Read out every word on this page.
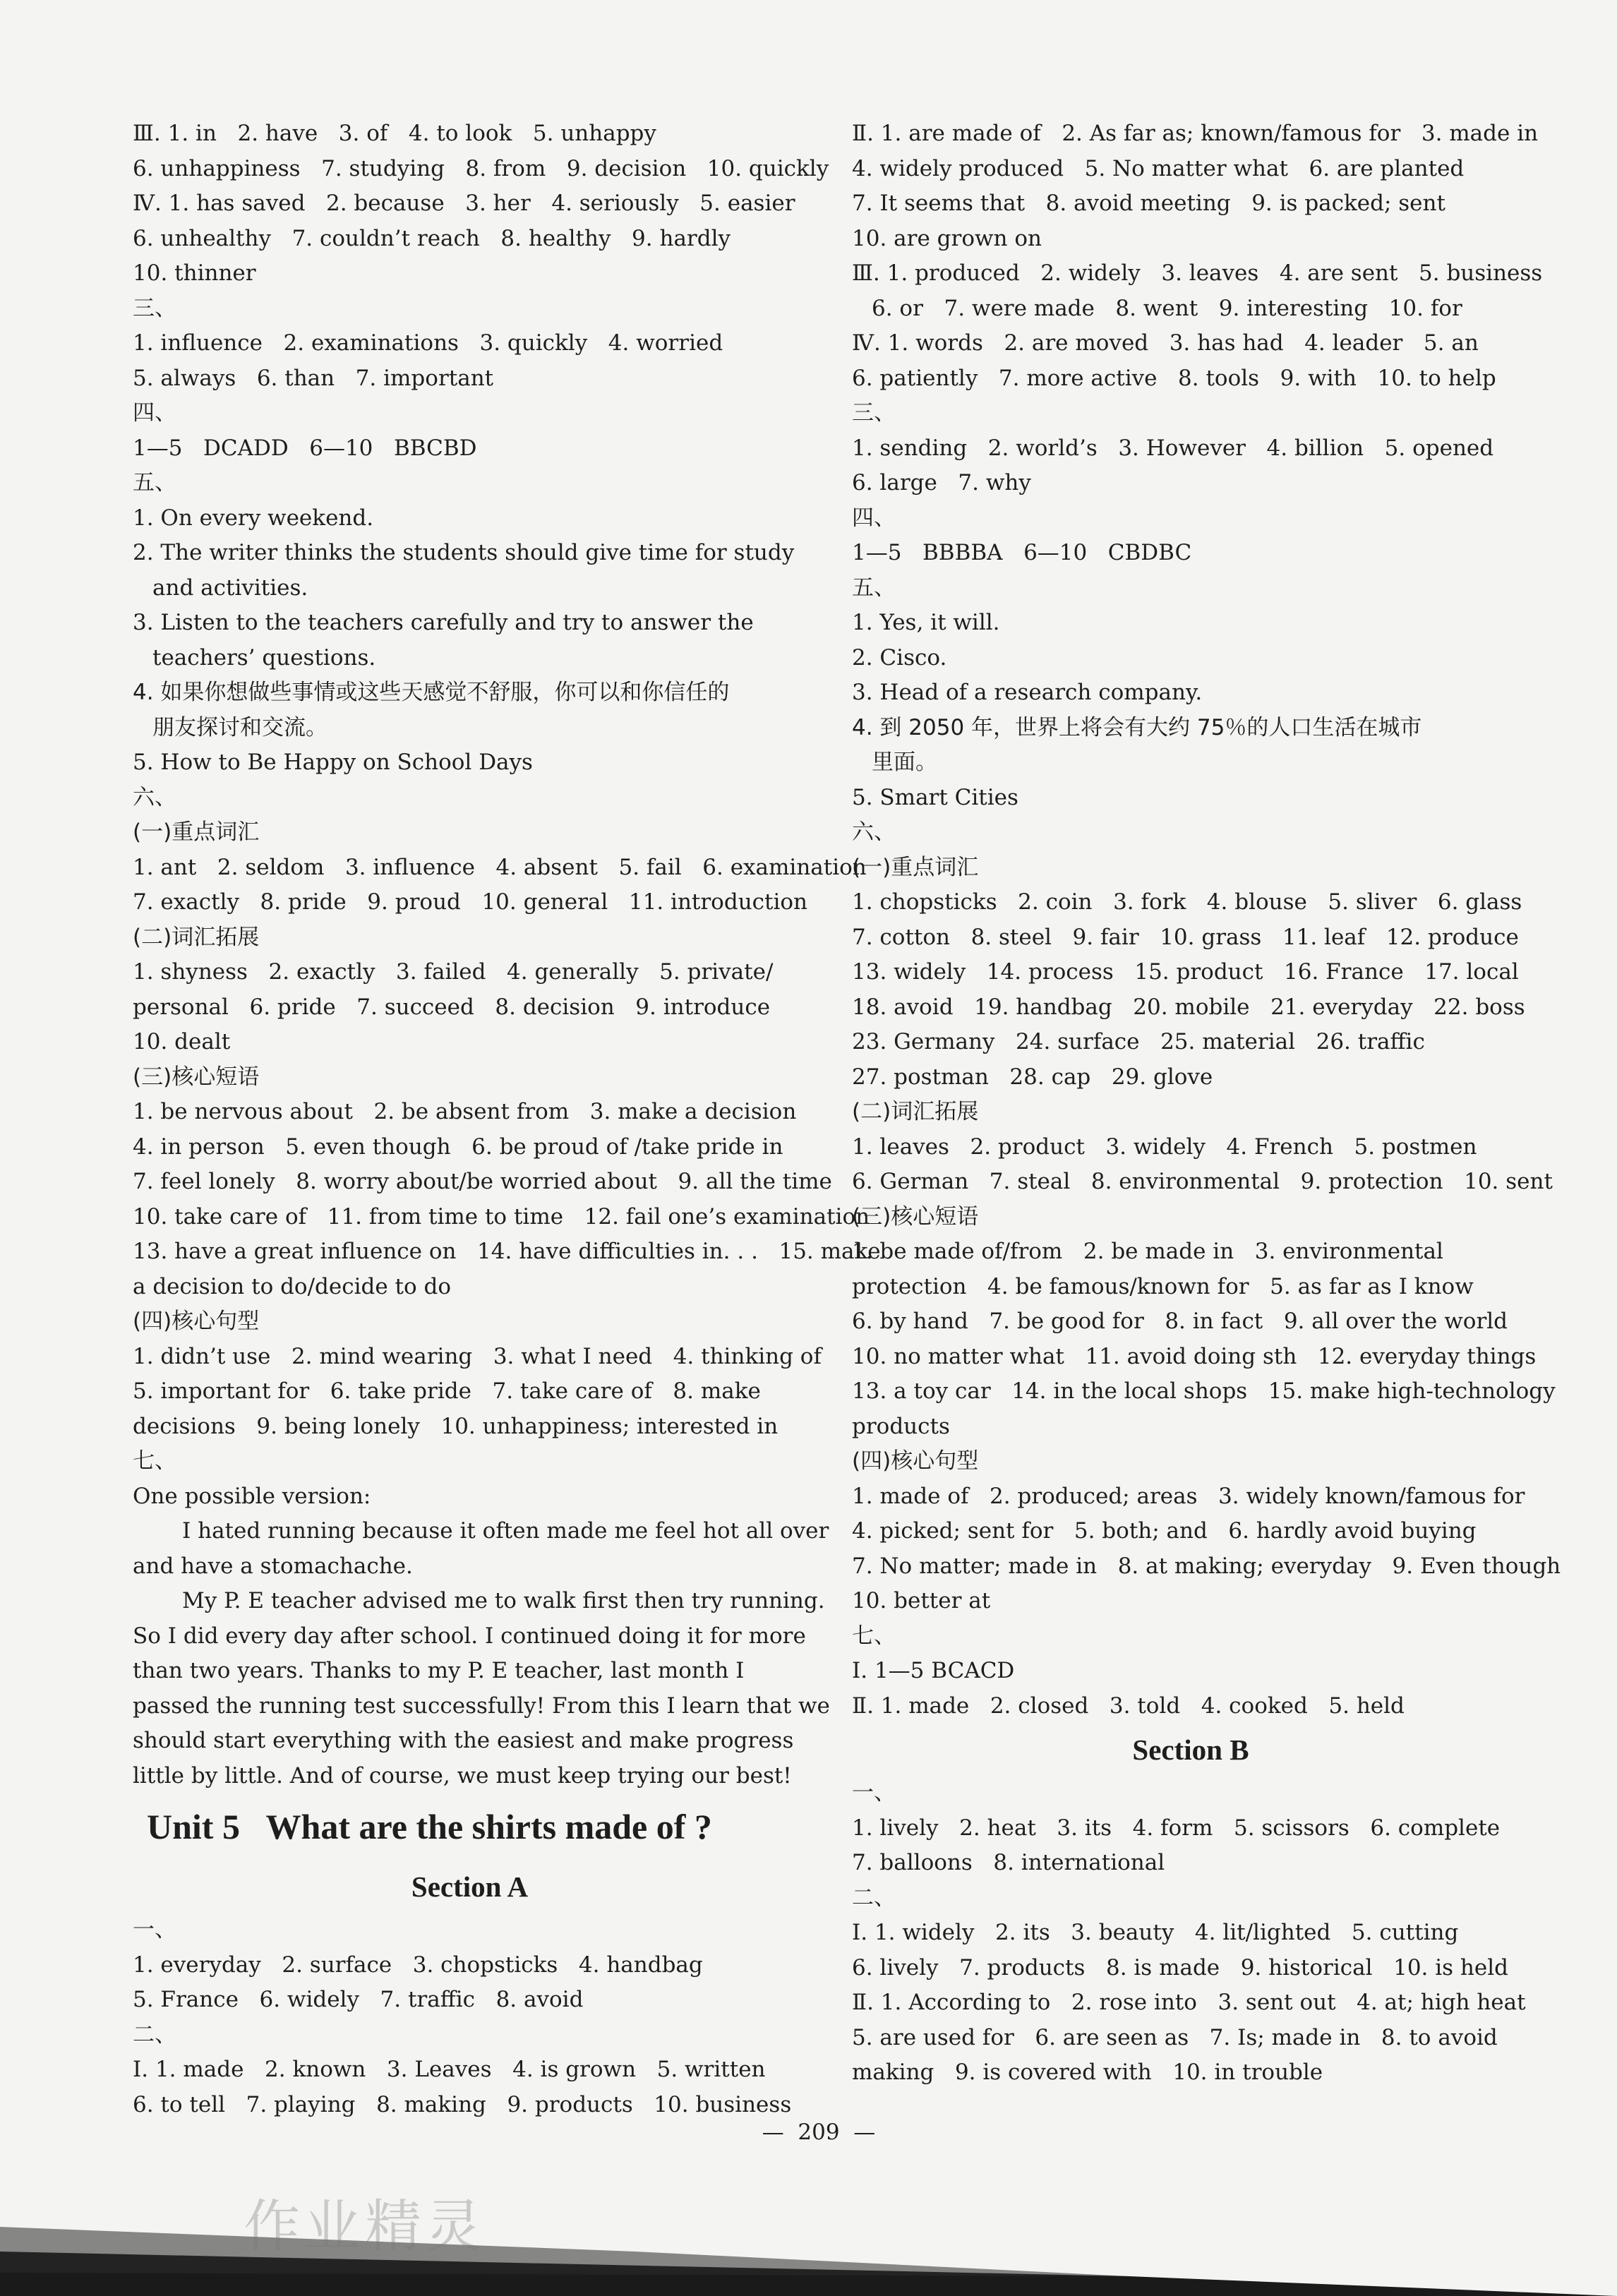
Ⅲ. 1. in   2. have   3. of   4. to look   5. unhappy
6. unhappiness   7. studying   8. from   9. decision   10. quickly
Ⅳ. 1. has saved   2. because   3. her   4. seriously   5. easier
6. unhealthy   7. couldn’t reach   8. healthy   9. hardly
10. thinner
三、
1. influence   2. examinations   3. quickly   4. worried
5. always   6. than   7. important
四、
1—5   DCADD   6—10   BBCBD
五、
1. On every weekend.
2. The writer thinks the students should give time for study
and activities.
3. Listen to the teachers carefully and try to answer the
teachers’ questions.
4. 如果你想做些事情或这些天感觉不舒服，你可以和你信任的
朋友探讨和交流。
5. How to Be Happy on School Days
六、
(一)重点词汇
1. ant   2. seldom   3. influence   4. absent   5. fail   6. examination
7. exactly   8. pride   9. proud   10. general   11. introduction
(二)词汇拓展
1. shyness   2. exactly   3. failed   4. generally   5. private/
personal   6. pride   7. succeed   8. decision   9. introduce
10. dealt
(三)核心短语
1. be nervous about   2. be absent from   3. make a decision
4. in person   5. even though   6. be proud of /take pride in
7. feel lonely   8. worry about/be worried about   9. all the time
10. take care of   11. from time to time   12. fail one’s examination
13. have a great influence on   14. have difficulties in. . .   15. make
a decision to do/decide to do
(四)核心句型
1. didn’t use   2. mind wearing   3. what I need   4. thinking of
5. important for   6. take pride   7. take care of   8. make
decisions   9. being lonely   10. unhappiness; interested in
七、
One possible version:
I hated running because it often made me feel hot all over
and have a stomachache.
My P. E teacher advised me to walk first then try running.
So I did every day after school. I continued doing it for more
than two years. Thanks to my P. E teacher, last month I
passed the running test successfully! From this I learn that we
should start everything with the easiest and make progress
little by little. And of course, we must keep trying our best!
Unit 5   What are the shirts made of ?
Section A
一、
1. everyday   2. surface   3. chopsticks   4. handbag
5. France   6. widely   7. traffic   8. avoid
二、
Ⅰ. 1. made   2. known   3. Leaves   4. is grown   5. written
6. to tell   7. playing   8. making   9. products   10. business
Ⅱ. 1. are made of   2. As far as; known/famous for   3. made in
4. widely produced   5. No matter what   6. are planted
7. It seems that   8. avoid meeting   9. is packed; sent
10. are grown on
Ⅲ. 1. produced   2. widely   3. leaves   4. are sent   5. business
6. or   7. were made   8. went   9. interesting   10. for
Ⅳ. 1. words   2. are moved   3. has had   4. leader   5. an
6. patiently   7. more active   8. tools   9. with   10. to help
三、
1. sending   2. world’s   3. However   4. billion   5. opened
6. large   7. why
四、
1—5   BBBBA   6—10   CBDBC
五、
1. Yes, it will.
2. Cisco.
3. Head of a research company.
4. 到 2050 年，世界上将会有大约 75％的人口生活在城市
里面。
5. Smart Cities
六、
(一)重点词汇
1. chopsticks   2. coin   3. fork   4. blouse   5. sliver   6. glass
7. cotton   8. steel   9. fair   10. grass   11. leaf   12. produce
13. widely   14. process   15. product   16. France   17. local
18. avoid   19. handbag   20. mobile   21. everyday   22. boss
23. Germany   24. surface   25. material   26. traffic
27. postman   28. cap   29. glove
(二)词汇拓展
1. leaves   2. product   3. widely   4. French   5. postmen
6. German   7. steal   8. environmental   9. protection   10. sent
(三)核心短语
1. be made of/from   2. be made in   3. environmental
protection   4. be famous/known for   5. as far as I know
6. by hand   7. be good for   8. in fact   9. all over the world
10. no matter what   11. avoid doing sth   12. everyday things
13. a toy car   14. in the local shops   15. make high-technology
products
(四)核心句型
1. made of   2. produced; areas   3. widely known/famous for
4. picked; sent for   5. both; and   6. hardly avoid buying
7. No matter; made in   8. at making; everyday   9. Even though
10. better at
七、
Ⅰ. 1—5 BCACD
Ⅱ. 1. made   2. closed   3. told   4. cooked   5. held
Section B
一、
1. lively   2. heat   3. its   4. form   5. scissors   6. complete
7. balloons   8. international
二、
Ⅰ. 1. widely   2. its   3. beauty   4. lit/lighted   5. cutting
6. lively   7. products   8. is made   9. historical   10. is held
Ⅱ. 1. According to   2. rose into   3. sent out   4. at; high heat
5. are used for   6. are seen as   7. Is; made in   8. to avoid
making   9. is covered with   10. in trouble
—  209  —
作业精灵
